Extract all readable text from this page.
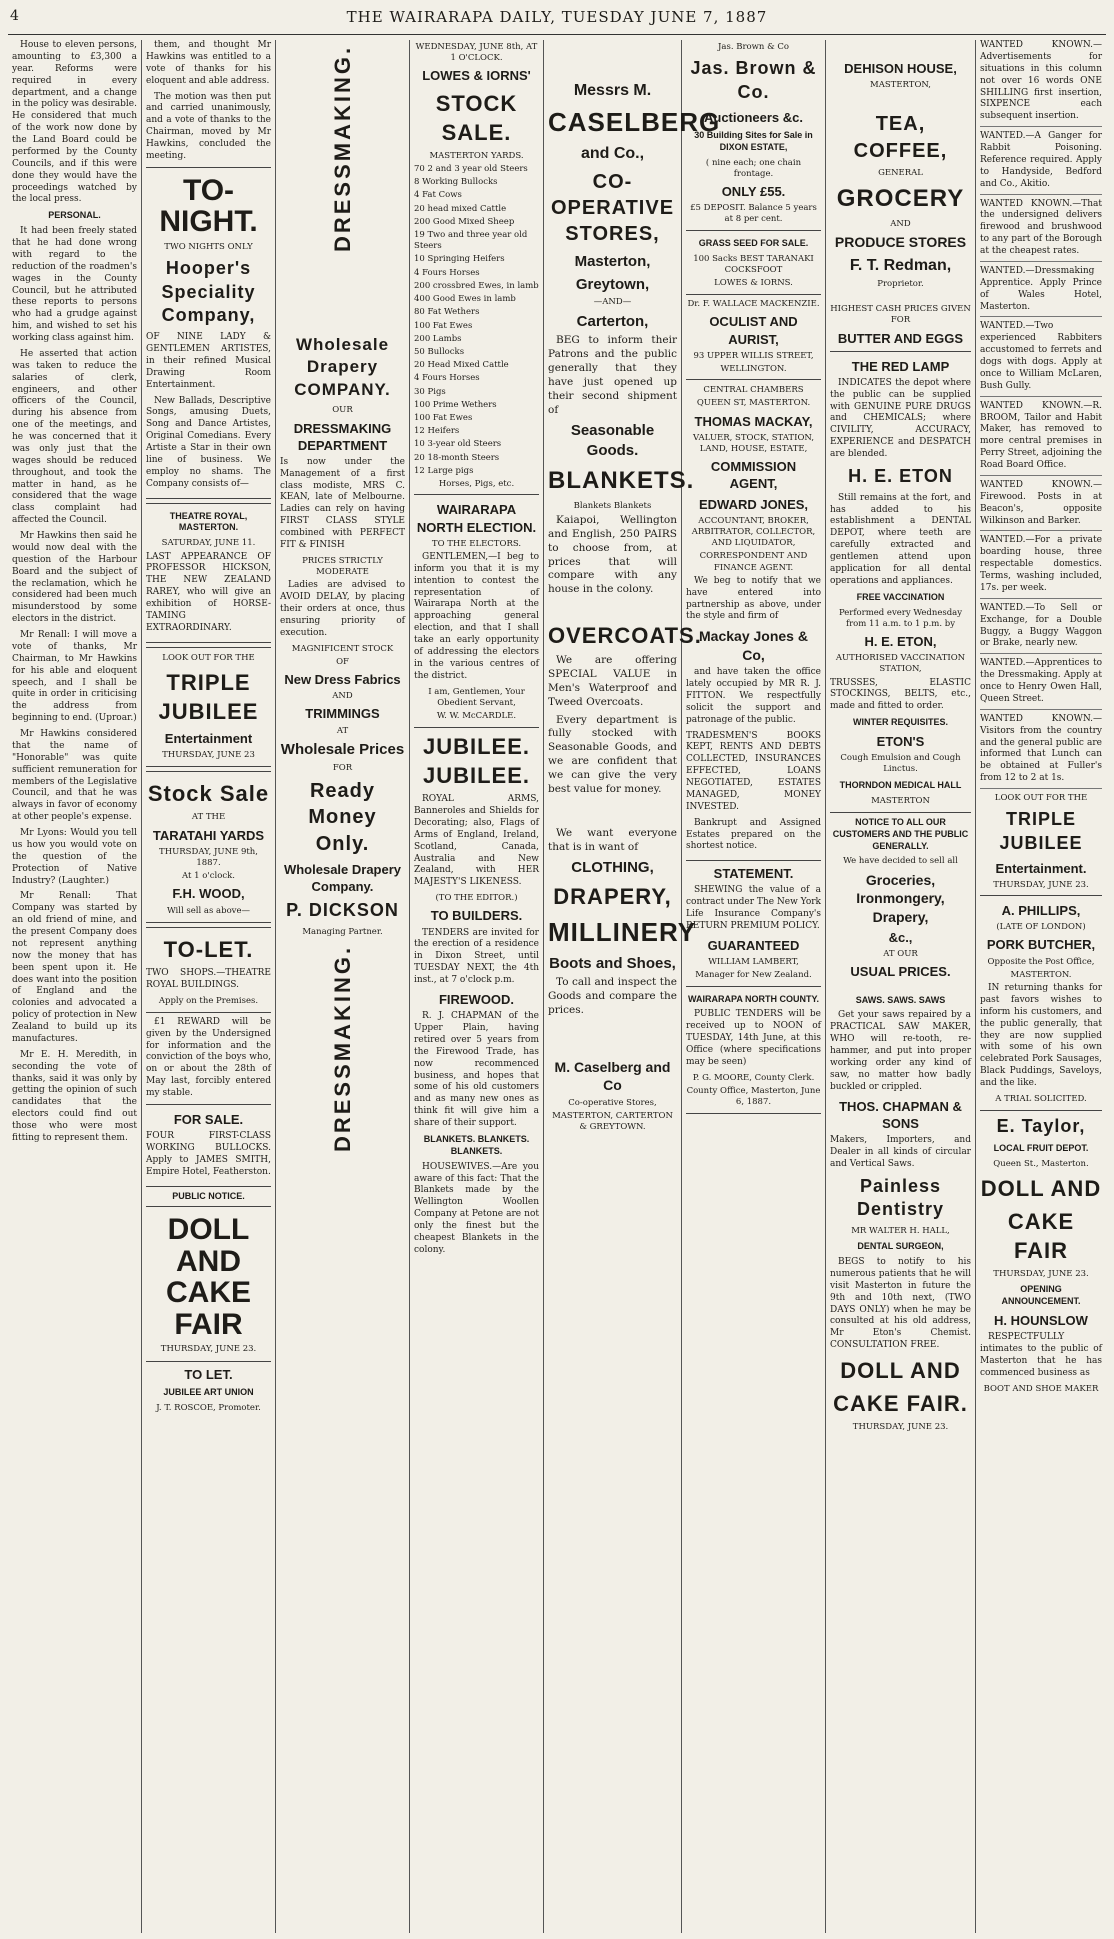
4	THE WAIRARAPA DAILY, TUESDAY JUNE 7, 1887

House to eleven persons, amounting to £3,300 a year. Reforms were required in every department, and a change in the policy was desirable. He considered that much of the work now done by the Land Board could be performed by the County Councils, and if this were done they would have the proceedings watched by the local press.

PERSONAL.

It had been freely stated that he had done wrong with regard to the reduction of the roadmen's wages in the County Council, but he attributed these reports to persons who had a grudge against him, and wished to set his working class against him.

He asserted that action was taken to reduce the salaries of clerk, engineers, and other officers of the Council, during his absence from one of the meetings, and he was concerned that it was only just that the wages should be reduced throughout, and took the matter in hand, as he considered that the wage class complaint had affected the Council.

Mr Hawkins then said he would now deal with the question of the Harbour Board and the subject of the reclamation, which he considered had been much misunderstood by some electors in the district.

Mr Renall: I will move a vote of thanks, Mr Chairman, to Mr Hawkins for his able and eloquent speech, and I shall be quite in order in criticising the address from beginning to end. (Uproar.)

Mr Hawkins considered that the name of "Honorable" was quite sufficient remuneration for members of the Legislative Council, and that he was always in favor of economy at other people's expense.

Mr Lyons: Would you tell us how you would vote on the question of the Protection of Native Industry? (Laughter.)

Mr Renall: That Company was started by an old friend of mine, and the present Company does not represent anything now the money that has been spent upon it. He does want into the position of England and the colonies and advocated a policy of protection in New Zealand to build up its manufactures.

Mr E. H. Meredith, in seconding the vote of thanks, said it was only by getting the opinion of such candidates that the electors could find out those who were most fitting to represent them.

them, and thought Mr Hawkins was entitled to a vote of thanks for his eloquent and able address.

The motion was then put and carried unanimously, and a vote of thanks to the Chairman, moved by Mr Hawkins, concluded the meeting.

TO-NIGHT.
TWO NIGHTS ONLY
Hooper's Speciality Company,

OF NINE LADY & GENTLEMEN ARTISTES, in their refined Musical Drawing Room Entertainment.

New Ballads, Descriptive Songs, amusing Duets, Song and Dance Artistes, Original Comedians. Every Artiste a Star in their own line of business. We employ no shams. The Company consists of—

THEATRE ROYAL, MASTERTON.
SATURDAY, JUNE 11.

LAST APPEARANCE OF PROFESSOR HICKSON, THE NEW ZEALAND RAREY, who will give an exhibition of HORSE-TAMING EXTRAORDINARY.

LOOK OUT FOR THE
TRIPLE JUBILEE
Entertainment
THURSDAY, JUNE 23
Stock Sale
AT THE
TARATAHI YARDS
THURSDAY, JUNE 9th, 1887.
At 1 o'clock.
F.H. WOOD,
Will sell as above—
TO-LET.

TWO SHOPS.—THEATRE ROYAL BUILDINGS.

Apply on the Premises.

£1 REWARD will be given by the Undersigned for information and the conviction of the boys who, on or about the 28th of May last, forcibly entered my stable.

FOR SALE.

FOUR FIRST-CLASS WORKING BULLOCKS. Apply to JAMES SMITH, Empire Hotel, Featherston.

PUBLIC NOTICE.
DOLL AND CAKE FAIR
THURSDAY, JUNE 23.
TO LET.
JUBILEE ART UNION
J. T. ROSCOE, Promoter.
DRESSMAKING.
Wholesale Drapery COMPANY.
OUR
DRESSMAKING DEPARTMENT

Is now under the Management of a first class modiste, MRS C. KEAN, late of Melbourne. Ladies can rely on having FIRST CLASS STYLE combined with PERFECT FIT & FINISH

PRICES STRICTLY MODERATE

Ladies are advised to AVOID DELAY, by placing their orders at once, thus ensuring priority of execution.

MAGNIFICENT STOCK
OF
New Dress Fabrics
AND
TRIMMINGS
AT
Wholesale Prices
FOR
Ready Money Only.
Wholesale Drapery Company.
P. DICKSON
Managing Partner.
DRESSMAKING.
WEDNESDAY, JUNE 8th, AT 1 O'CLOCK.
LOWES & IORNS'
STOCK SALE.
MASTERTON YARDS.
70 2 and 3 year old Steers
8 Working Bullocks
4 Fat Cows
20 head mixed Cattle
200 Good Mixed Sheep
19 Two and three year old Steers
10 Springing Heifers
4 Fours Horses
200 crossbred Ewes, in lamb
400 Good Ewes in lamb
80 Fat Wethers
100 Fat Ewes
200 Lambs
50 Bullocks
20 Head Mixed Cattle
4 Fours Horses
30 Pigs
100 Prime Wethers
100 Fat Ewes
12 Heifers
10 3-year old Steers
20 18-month Steers
12 Large pigs
Horses, Pigs, etc.
WAIRARAPA NORTH ELECTION.
TO THE ELECTORS.

GENTLEMEN,—I beg to inform you that it is my intention to contest the representation of Wairarapa North at the approaching general election, and that I shall take an early opportunity of addressing the electors in the various centres of the district.

I am, Gentlemen, Your Obedient Servant,
W. W. McCARDLE.
JUBILEE. JUBILEE.

ROYAL ARMS, Banneroles and Shields for Decorating; also, Flags of Arms of England, Ireland, Scotland, Canada, Australia and New Zealand, with HER MAJESTY'S LIKENESS.

(TO THE EDITOR.)
TO BUILDERS.

TENDERS are invited for the erection of a residence in Dixon Street, until TUESDAY NEXT, the 4th inst., at 7 o'clock p.m.

FIREWOOD.

R. J. CHAPMAN of the Upper Plain, having retired over 5 years from the Firewood Trade, has now recommenced business, and hopes that some of his old customers and as many new ones as think fit will give him a share of their support.

BLANKETS. BLANKETS. BLANKETS.

HOUSEWIVES.—Are you aware of this fact: That the Blankets made by the Wellington Woollen Company at Petone are not only the finest but the cheapest Blankets in the colony.

Messrs M.
CASELBERG
and Co.,
CO-OPERATIVE STORES,
Masterton,
Greytown,
—AND—
Carterton,

BEG to inform their Patrons and the public generally that they have just opened up their second shipment of

Seasonable Goods.
BLANKETS.
Blankets Blankets

Kaiapoi, Wellington and English, 250 PAIRS to choose from, at prices that will compare with any house in the colony.

OVERCOATS.

We are offering SPECIAL VALUE in Men's Waterproof and Tweed Overcoats.

Every department is fully stocked with Seasonable Goods, and we are confident that we can give the very best value for money.

We want everyone that is in want of

CLOTHING,
DRAPERY,
MILLINERY
Boots and Shoes,

To call and inspect the Goods and compare the prices.

M. Caselberg and Co
Co-operative Stores,
MASTERTON, CARTERTON & GREYTOWN.
Jas. Brown & Co
Jas. Brown & Co.
Auctioneers &c.
30 Building Sites for Sale in DIXON ESTATE,
( nine each; one chain frontage.
ONLY £55.
£5 DEPOSIT. Balance 5 years at 8 per cent.
GRASS SEED FOR SALE.
100 Sacks BEST TARANAKI COCKSFOOT
LOWES & IORNS.
Dr. F. WALLACE MACKENZIE.
OCULIST AND AURIST,
93 UPPER WILLIS STREET,
WELLINGTON.
CENTRAL CHAMBERS
QUEEN ST, MASTERTON.
THOMAS MACKAY,
VALUER, STOCK, STATION, LAND, HOUSE, ESTATE,
COMMISSION AGENT,
EDWARD JONES,
ACCOUNTANT, BROKER, ARBITRATOR, COLLECTOR, AND LIQUIDATOR,
CORRESPONDENT AND FINANCE AGENT.

We beg to notify that we have entered into partnership as above, under the style and firm of

Mackay Jones & Co,

and have taken the office lately occupied by MR R. J. FITTON. We respectfully solicit the support and patronage of the public.

TRADESMEN'S BOOKS KEPT, RENTS AND DEBTS COLLECTED, INSURANCES EFFECTED, LOANS NEGOTIATED, ESTATES MANAGED, MONEY INVESTED.

Bankrupt and Assigned Estates prepared on the shortest notice.

STATEMENT.

SHEWING the value of a contract under The New York Life Insurance Company's RETURN PREMIUM POLICY.

GUARANTEED
WILLIAM LAMBERT,
Manager for New Zealand.
WAIRARAPA NORTH COUNTY.

PUBLIC TENDERS will be received up to NOON of TUESDAY, 14th June, at this Office (where specifications may be seen)

P. G. MOORE, County Clerk.
County Office, Masterton, June 6, 1887.
DEHISON HOUSE,
MASTERTON,
TEA, COFFEE,
GENERAL
GROCERY
AND
PRODUCE STORES
F. T. Redman,
Proprietor.
HIGHEST CASH PRICES GIVEN FOR
BUTTER AND EGGS
THE RED LAMP

INDICATES the depot where the public can be supplied with GENUINE PURE DRUGS and CHEMICALS; where CIVILITY, ACCURACY, EXPERIENCE and DESPATCH are blended.

H. E. ETON

Still remains at the fort, and has added to his establishment a DENTAL DEPOT, where teeth are carefully extracted and gentlemen attend upon application for all dental operations and appliances.

FREE VACCINATION
Performed every Wednesday from 11 a.m. to 1 p.m. by
H. E. ETON,
AUTHORISED VACCINATION STATION,

TRUSSES, ELASTIC STOCKINGS, BELTS, etc., made and fitted to order.

WINTER REQUISITES.
ETON'S
Cough Emulsion and Cough Linctus.
THORNDON MEDICAL HALL
MASTERTON
NOTICE TO ALL OUR CUSTOMERS AND THE PUBLIC GENERALLY.
We have decided to sell all
Groceries, Ironmongery, Drapery,
&c.,
AT OUR
USUAL PRICES.
SAWS. SAWS. SAWS

Get your saws repaired by a PRACTICAL SAW MAKER, WHO will re-tooth, re-hammer, and put into proper working order any kind of saw, no matter how badly buckled or crippled.

THOS. CHAPMAN & SONS

Makers, Importers, and Dealer in all kinds of circular and Vertical Saws.

Painless Dentistry
MR WALTER H. HALL,
DENTAL SURGEON,

BEGS to notify to his numerous patients that he will visit Masterton in future the 9th and 10th next, (TWO DAYS ONLY) when he may be consulted at his old address, Mr Eton's Chemist. CONSULTATION FREE.

DOLL AND
CAKE FAIR.
THURSDAY, JUNE 23.

WANTED KNOWN.—Advertisements for situations in this column not over 16 words ONE SHILLING first insertion, SIXPENCE each subsequent insertion.

WANTED.—A Ganger for Rabbit Poisoning. Reference required. Apply to Handyside, Bedford and Co., Akitio.

WANTED KNOWN.—That the undersigned delivers firewood and brushwood to any part of the Borough at the cheapest rates.

WANTED.—Dressmaking Apprentice. Apply Prince of Wales Hotel, Masterton.

WANTED.—Two experienced Rabbiters accustomed to ferrets and dogs with dogs. Apply at once to William McLaren, Bush Gully.

WANTED KNOWN.—R. BROOM, Tailor and Habit Maker, has removed to more central premises in Perry Street, adjoining the Road Board Office.

WANTED KNOWN.—Firewood. Posts in at Beacon's, opposite Wilkinson and Barker.

WANTED.—For a private boarding house, three respectable domestics. Terms, washing included, 17s. per week.

WANTED.—To Sell or Exchange, for a Double Buggy, a Buggy Waggon or Brake, nearly new.

WANTED.—Apprentices to the Dressmaking. Apply at once to Henry Owen Hall, Queen Street.

WANTED KNOWN.—Visitors from the country and the general public are informed that Lunch can be obtained at Fuller's from 12 to 2 at 1s.

LOOK OUT FOR THE
TRIPLE JUBILEE
Entertainment.
THURSDAY, JUNE 23.
A. PHILLIPS,
(LATE OF LONDON)
PORK BUTCHER,
Opposite the Post Office,
MASTERTON.

IN returning thanks for past favors wishes to inform his customers, and the public generally, that they are now supplied with some of his own celebrated Pork Sausages, Black Puddings, Saveloys, and the like.

A TRIAL SOLICITED.
E. Taylor,
LOCAL FRUIT DEPOT.
Queen St., Masterton.
DOLL AND
CAKE FAIR
THURSDAY, JUNE 23.
OPENING ANNOUNCEMENT.
H. HOUNSLOW

RESPECTFULLY intimates to the public of Masterton that he has commenced business as

BOOT AND SHOE MAKER
